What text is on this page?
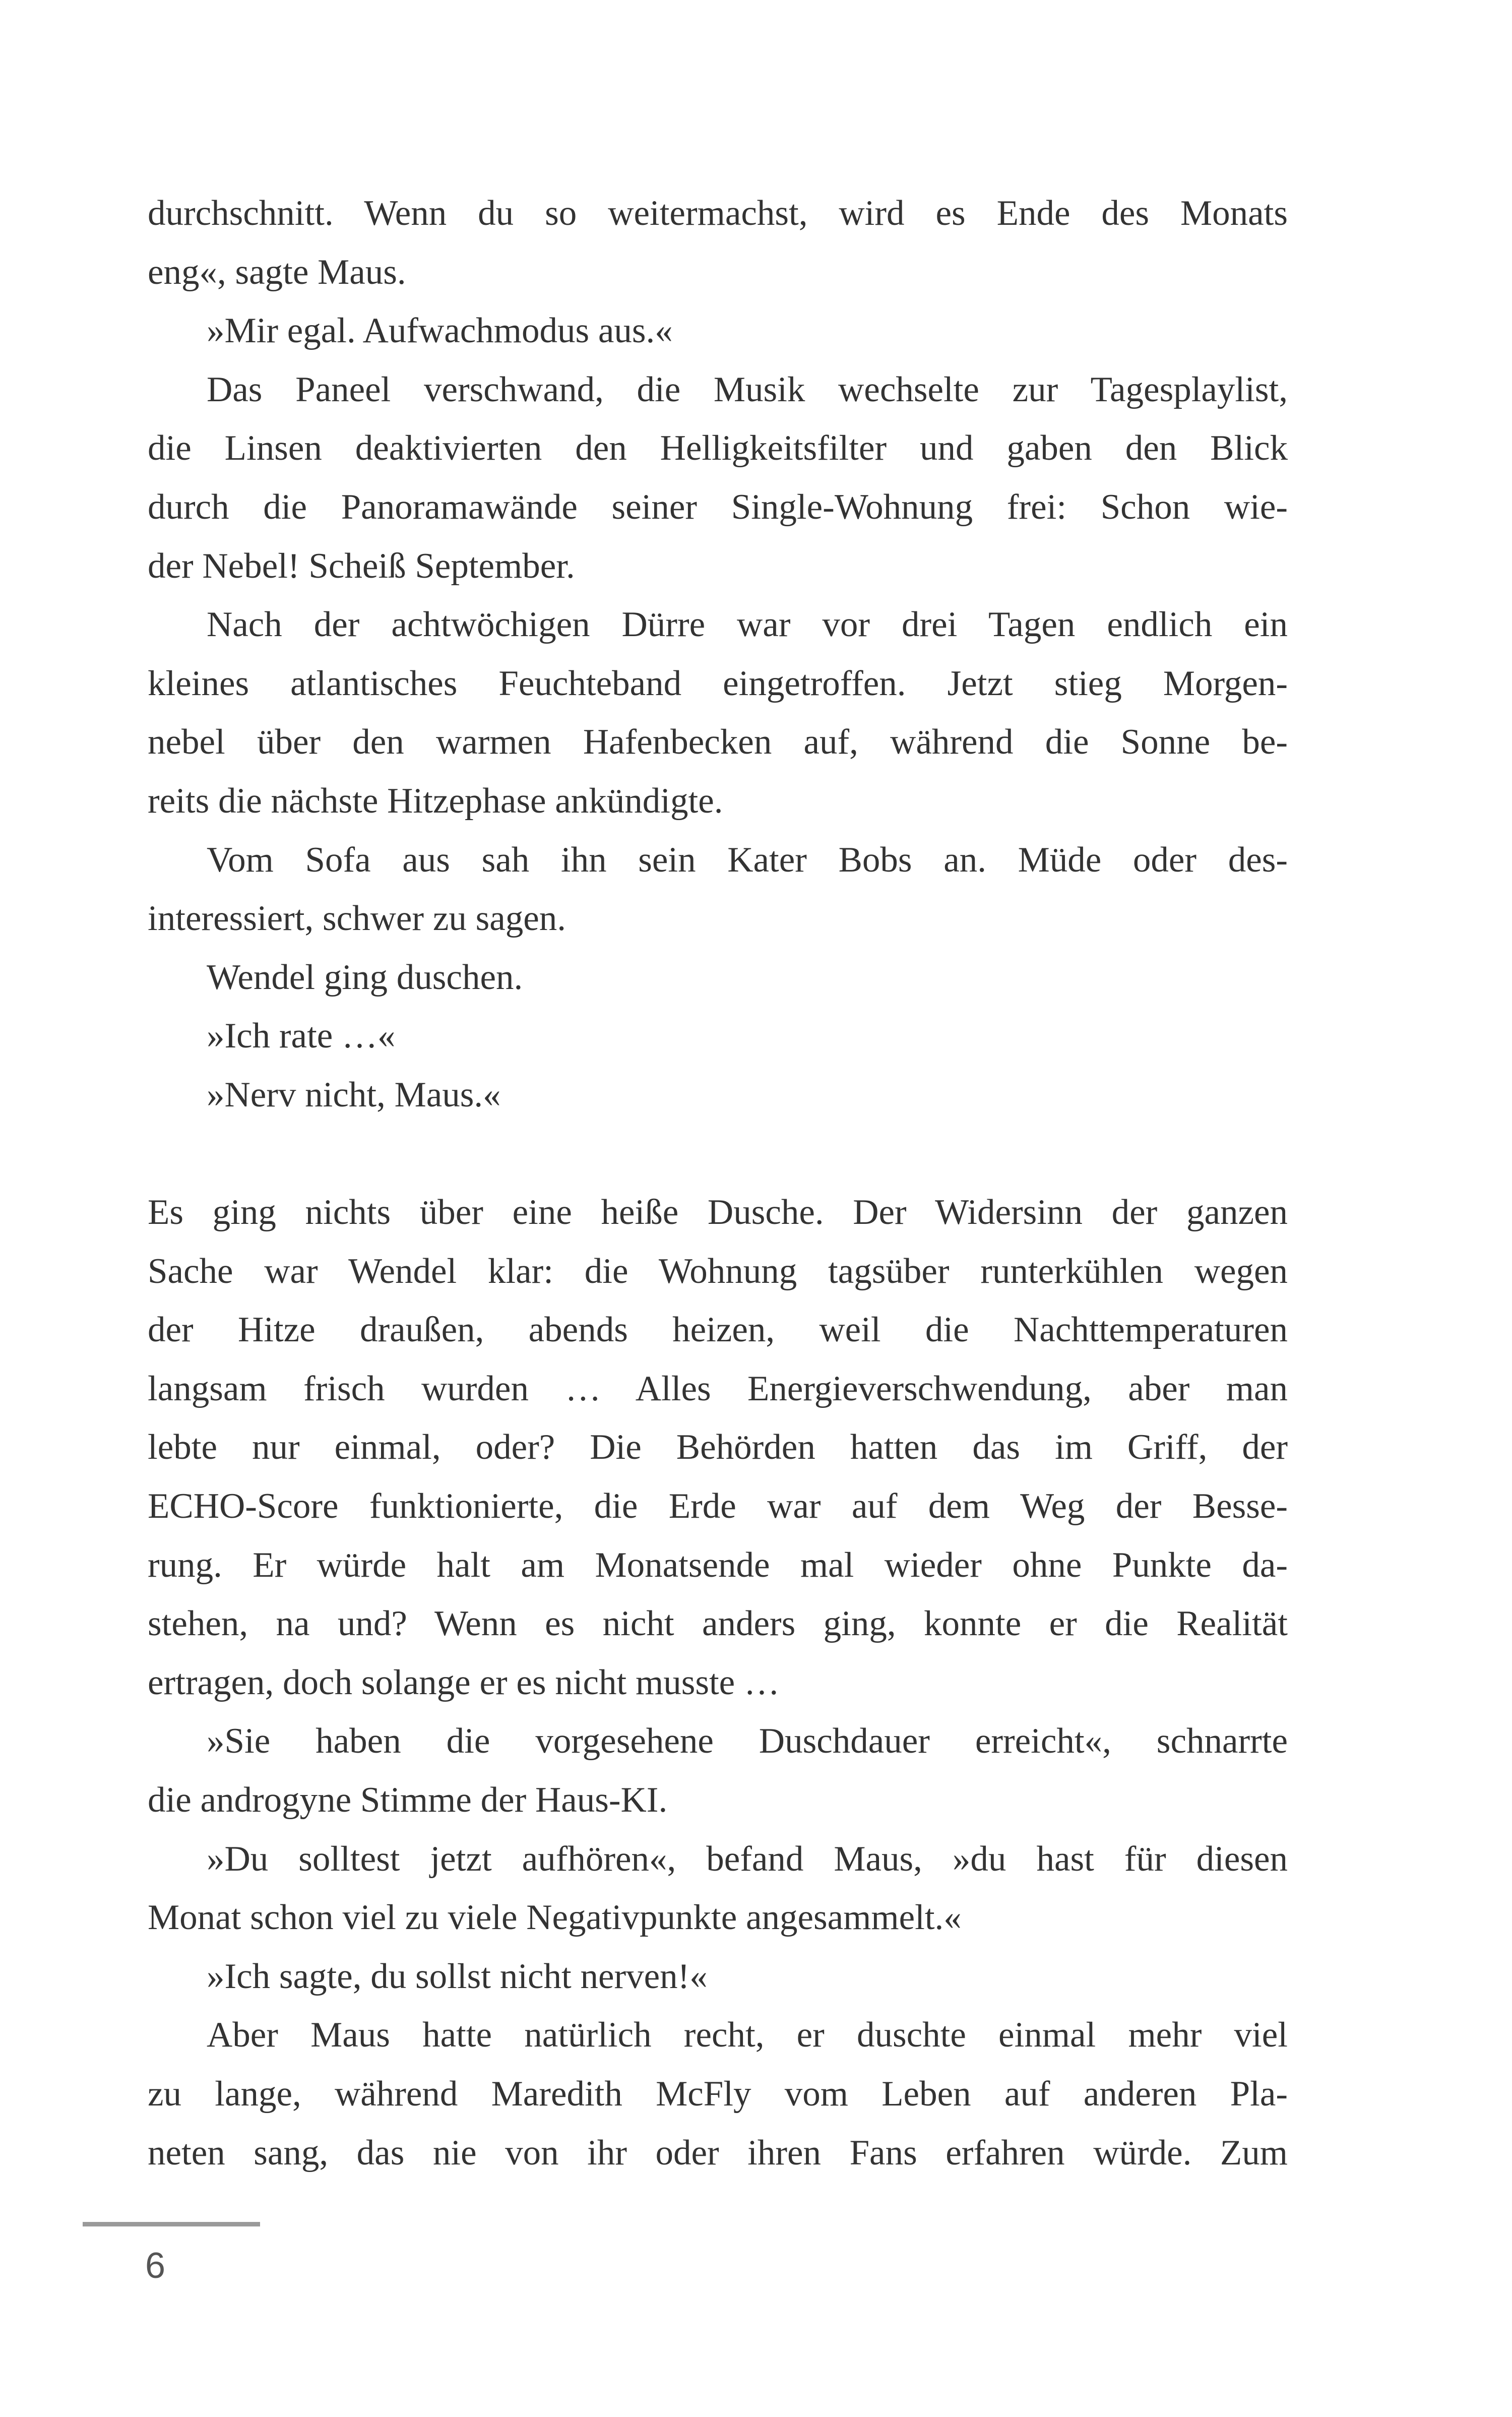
durchschnitt. Wenn du so weitermachst, wird es Ende des Monats
eng«, sagte Maus.
»Mir egal. Aufwachmodus aus.«
Das Paneel verschwand, die Musik wechselte zur Tagesplaylist,
die Linsen deaktivierten den Helligkeitsfilter und gaben den Blick
durch die Panoramawände seiner Single-Wohnung frei: Schon wie-
der Nebel! Scheiß September.
Nach der achtwöchigen Dürre war vor drei Tagen endlich ein
kleines atlantisches Feuchteband eingetroffen. Jetzt stieg Morgen-
nebel über den warmen Hafenbecken auf, während die Sonne be-
reits die nächste Hitzephase ankündigte.
Vom Sofa aus sah ihn sein Kater Bobs an. Müde oder des-
interessiert, schwer zu sagen.
Wendel ging duschen.
»Ich rate …«
»Nerv nicht, Maus.«
Es ging nichts über eine heiße Dusche. Der Widersinn der ganzen
Sache war Wendel klar: die Wohnung tagsüber runterkühlen wegen
der Hitze draußen, abends heizen, weil die Nachttemperaturen
langsam frisch wurden … Alles Energieverschwendung, aber man
lebte nur einmal, oder? Die Behörden hatten das im Griff, der
ECHO-Score funktionierte, die Erde war auf dem Weg der Besse-
rung. Er würde halt am Monatsende mal wieder ohne Punkte da-
stehen, na und? Wenn es nicht anders ging, konnte er die Realität
ertragen, doch solange er es nicht musste …
»Sie haben die vorgesehene Duschdauer erreicht«, schnarrte
die androgyne Stimme der Haus-KI.
»Du solltest jetzt aufhören«, befand Maus, »du hast für diesen
Monat schon viel zu viele Negativpunkte angesammelt.«
»Ich sagte, du sollst nicht nerven!«
Aber Maus hatte natürlich recht, er duschte einmal mehr viel
zu lange, während Maredith McFly vom Leben auf anderen Pla-
neten sang, das nie von ihr oder ihren Fans erfahren würde. Zum
6
